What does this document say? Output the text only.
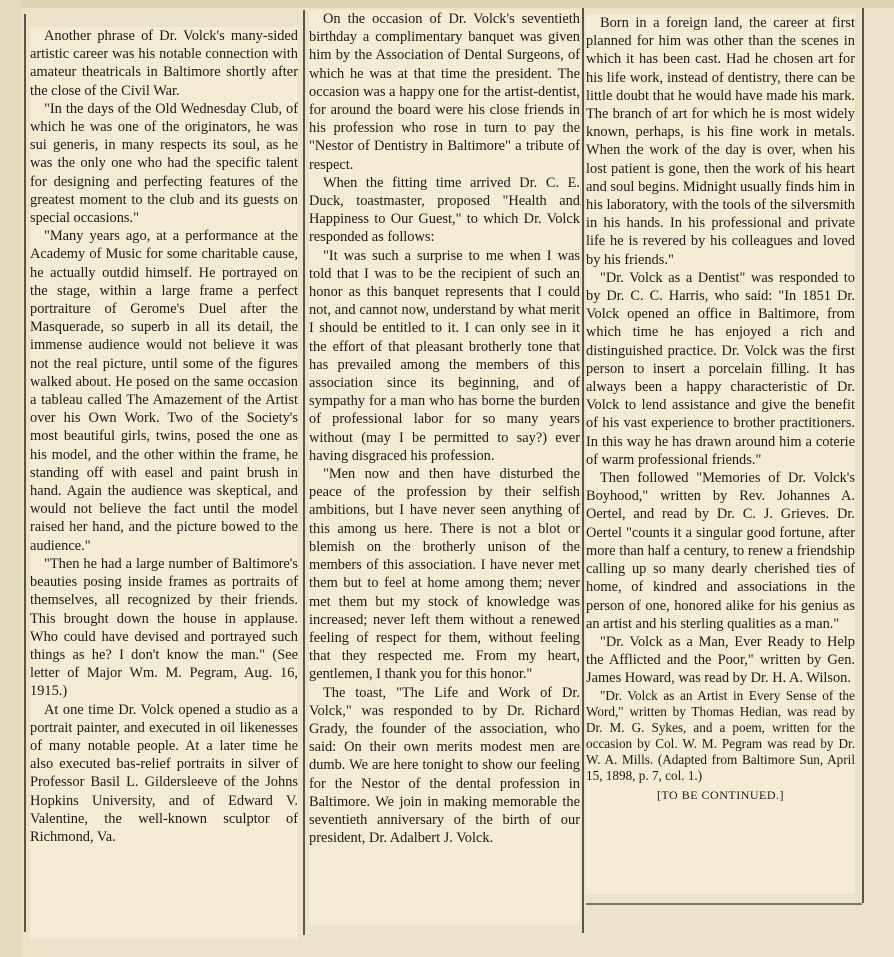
Another phrase of Dr. Volck's many-sided artistic career was his notable connection with amateur theatricals in Baltimore shortly after the close of the Civil War.

"In the days of the Old Wednesday Club, of which he was one of the originators, he was sui generis, in many respects its soul, as he was the only one who had the specific talent for designing and perfecting features of the greatest moment to the club and its guests on special occasions."

"Many years ago, at a performance at the Academy of Music for some charitable cause, he actually outdid himself. He portrayed on the stage, within a large frame a perfect portraiture of Gerome's Duel after the Masquerade, so superb in all its detail, the immense audience would not believe it was not the real picture, until some of the figures walked about. He posed on the same occasion a tableau called The Amazement of the Artist over his Own Work. Two of the Society's most beautiful girls, twins, posed the one as his model, and the other within the frame, he standing off with easel and paint brush in hand. Again the audience was skeptical, and would not believe the fact until the model raised her hand, and the picture bowed to the audience."

"Then he had a large number of Baltimore's beauties posing inside frames as portraits of themselves, all recognized by their friends. This brought down the house in applause. Who could have devised and portrayed such things as he? I don't know the man." (See letter of Major Wm. M. Pegram, Aug. 16, 1915.)

At one time Dr. Volck opened a studio as a portrait painter, and executed in oil likenesses of many notable people. At a later time he also executed bas-relief portraits in silver of Professor Basil L. Gildersleeve of the Johns Hopkins University, and of Edward V. Valentine, the well-known sculptor of Richmond, Va.

On the occasion of Dr. Volck's seventieth birthday a complimentary banquet was given him by the Association of Dental Surgeons, of which he was at that time the president. The occasion was a happy one for the artist-dentist, for around the board were his close friends in his profession who rose in turn to pay the "Nestor of Dentistry in Baltimore" a tribute of respect.

When the fitting time arrived Dr. C. E. Duck, toastmaster, proposed "Health and Happiness to Our Guest," to which Dr. Volck responded as follows:

"It was such a surprise to me when I was told that I was to be the recipient of such an honor as this banquet represents that I could not, and cannot now, understand by what merit I should be entitled to it. I can only see in it the effort of that pleasant brotherly tone that has prevailed among the members of this association since its beginning, and of sympathy for a man who has borne the burden of professional labor for so many years without (may I be permitted to say?) ever having disgraced his profession.

"Men now and then have disturbed the peace of the profession by their selfish ambitions, but I have never seen anything of this among us here. There is not a blot or blemish on the brotherly unison of the members of this association. I have never met them but to feel at home among them; never met them but my stock of knowledge was increased; never left them without a renewed feeling of respect for them, without feeling that they respected me. From my heart, gentlemen, I thank you for this honor."

The toast, "The Life and Work of Dr. Volck," was responded to by Dr. Richard Grady, the founder of the association, who said: On their own merits modest men are dumb. We are here tonight to show our feeling for the Nestor of the dental profession in Baltimore. We join in making memorable the seventieth anniversary of the birth of our president, Dr. Adalbert J. Volck.

Born in a foreign land, the career at first planned for him was other than the scenes in which it has been cast. Had he chosen art for his life work, instead of dentistry, there can be little doubt that he would have made his mark. The branch of art for which he is most widely known, perhaps, is his fine work in metals. When the work of the day is over, when his lost patient is gone, then the work of his heart and soul begins. Midnight usually finds him in his laboratory, with the tools of the silversmith in his hands. In his professional and private life he is revered by his colleagues and loved by his friends."

"Dr. Volck as a Dentist" was responded to by Dr. C. C. Harris, who said: "In 1851 Dr. Volck opened an office in Baltimore, from which time he has enjoyed a rich and distinguished practice. Dr. Volck was the first person to insert a porcelain filling. It has always been a happy characteristic of Dr. Volck to lend assistance and give the benefit of his vast experience to brother practitioners. In this way he has drawn around him a coterie of warm professional friends."

Then followed "Memories of Dr. Volck's Boyhood," written by Rev. Johannes A. Oertel, and read by Dr. C. J. Grieves. Dr. Oertel "counts it a singular good fortune, after more than half a century, to renew a friendship calling up so many dearly cherished ties of home, of kindred and associations in the person of one, honored alike for his genius as an artist and his sterling qualities as a man."

"Dr. Volck as a Man, Ever Ready to Help the Afflicted and the Poor," written by Gen. James Howard, was read by Dr. H. A. Wilson.

"Dr. Volck as an Artist in Every Sense of the Word," written by Thomas Hedian, was read by Dr. M. G. Sykes, and a poem, written for the occasion by Col. W. M. Pegram was read by Dr. W. A. Mills. (Adapted from Baltimore Sun, April 15, 1898, p. 7, col. 1.)

[TO BE CONTINUED.]
